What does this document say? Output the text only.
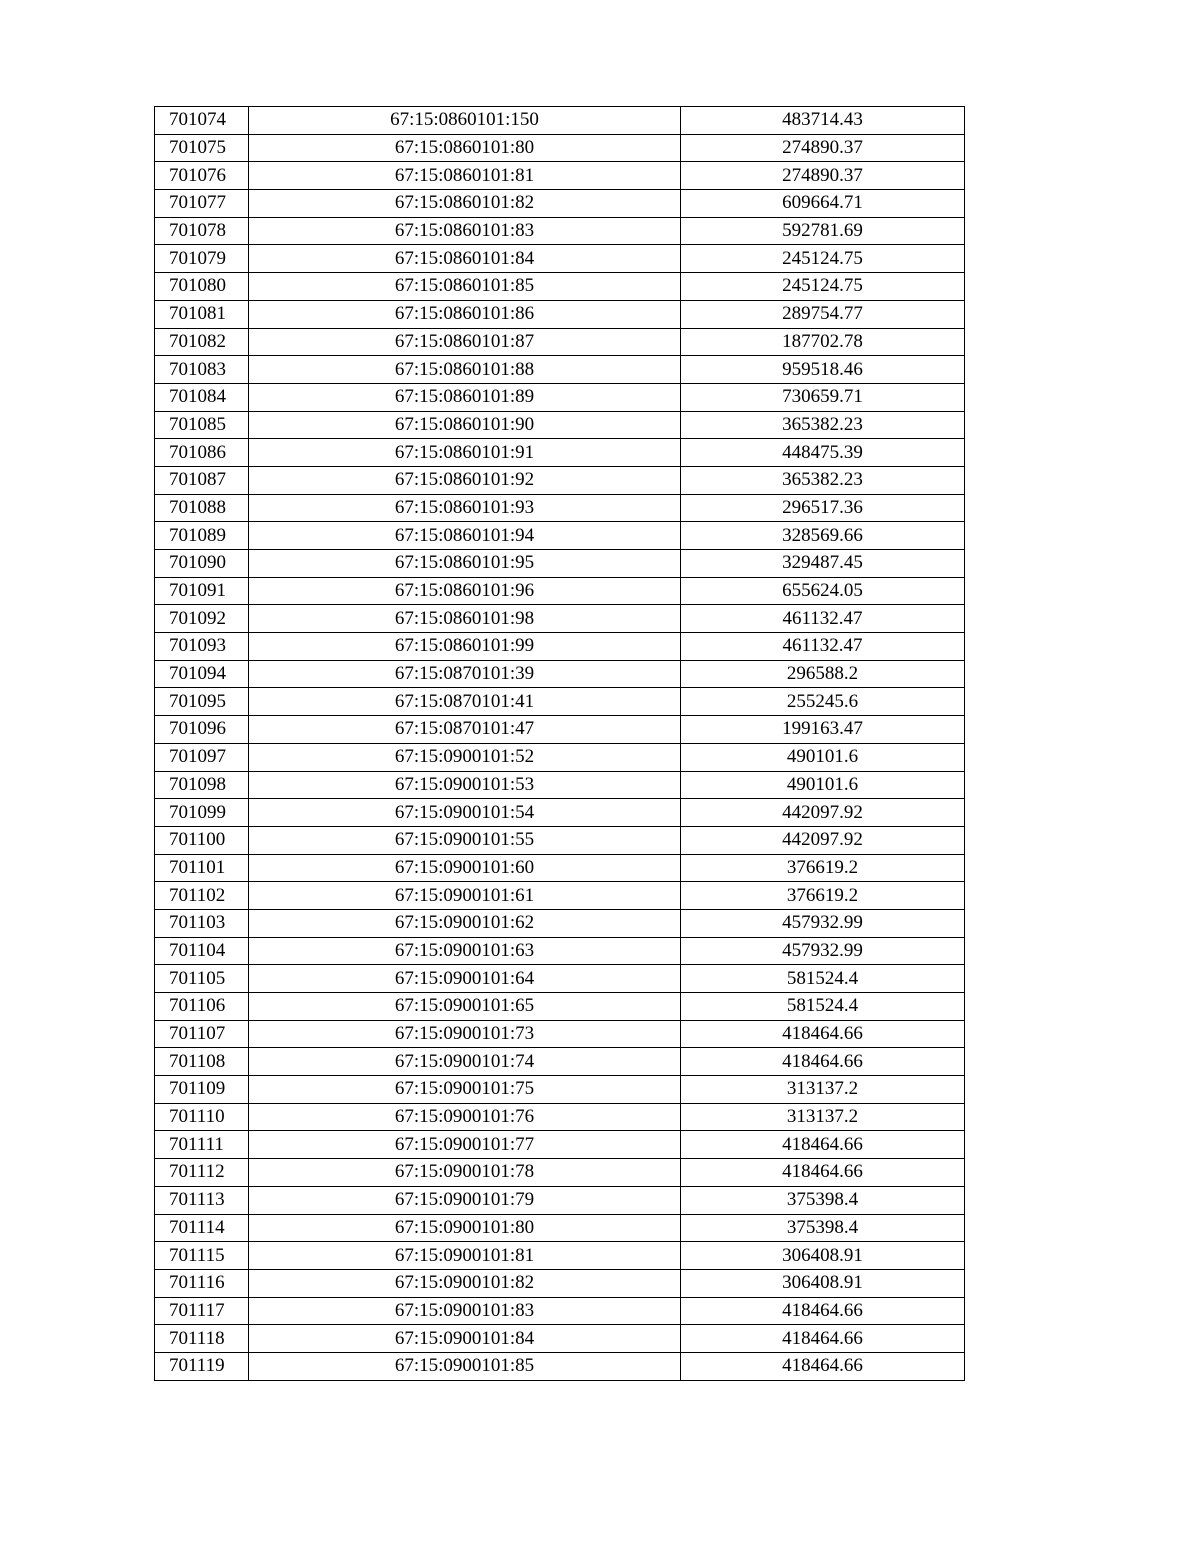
701074	67:15:0860101:150	483714.43
701075	67:15:0860101:80	274890.37
701076	67:15:0860101:81	274890.37
701077	67:15:0860101:82	609664.71
701078	67:15:0860101:83	592781.69
701079	67:15:0860101:84	245124.75
701080	67:15:0860101:85	245124.75
701081	67:15:0860101:86	289754.77
701082	67:15:0860101:87	187702.78
701083	67:15:0860101:88	959518.46
701084	67:15:0860101:89	730659.71
701085	67:15:0860101:90	365382.23
701086	67:15:0860101:91	448475.39
701087	67:15:0860101:92	365382.23
701088	67:15:0860101:93	296517.36
701089	67:15:0860101:94	328569.66
701090	67:15:0860101:95	329487.45
701091	67:15:0860101:96	655624.05
701092	67:15:0860101:98	461132.47
701093	67:15:0860101:99	461132.47
701094	67:15:0870101:39	296588.2
701095	67:15:0870101:41	255245.6
701096	67:15:0870101:47	199163.47
701097	67:15:0900101:52	490101.6
701098	67:15:0900101:53	490101.6
701099	67:15:0900101:54	442097.92
701100	67:15:0900101:55	442097.92
701101	67:15:0900101:60	376619.2
701102	67:15:0900101:61	376619.2
701103	67:15:0900101:62	457932.99
701104	67:15:0900101:63	457932.99
701105	67:15:0900101:64	581524.4
701106	67:15:0900101:65	581524.4
701107	67:15:0900101:73	418464.66
701108	67:15:0900101:74	418464.66
701109	67:15:0900101:75	313137.2
701110	67:15:0900101:76	313137.2
701111	67:15:0900101:77	418464.66
701112	67:15:0900101:78	418464.66
701113	67:15:0900101:79	375398.4
701114	67:15:0900101:80	375398.4
701115	67:15:0900101:81	306408.91
701116	67:15:0900101:82	306408.91
701117	67:15:0900101:83	418464.66
701118	67:15:0900101:84	418464.66
701119	67:15:0900101:85	418464.66
